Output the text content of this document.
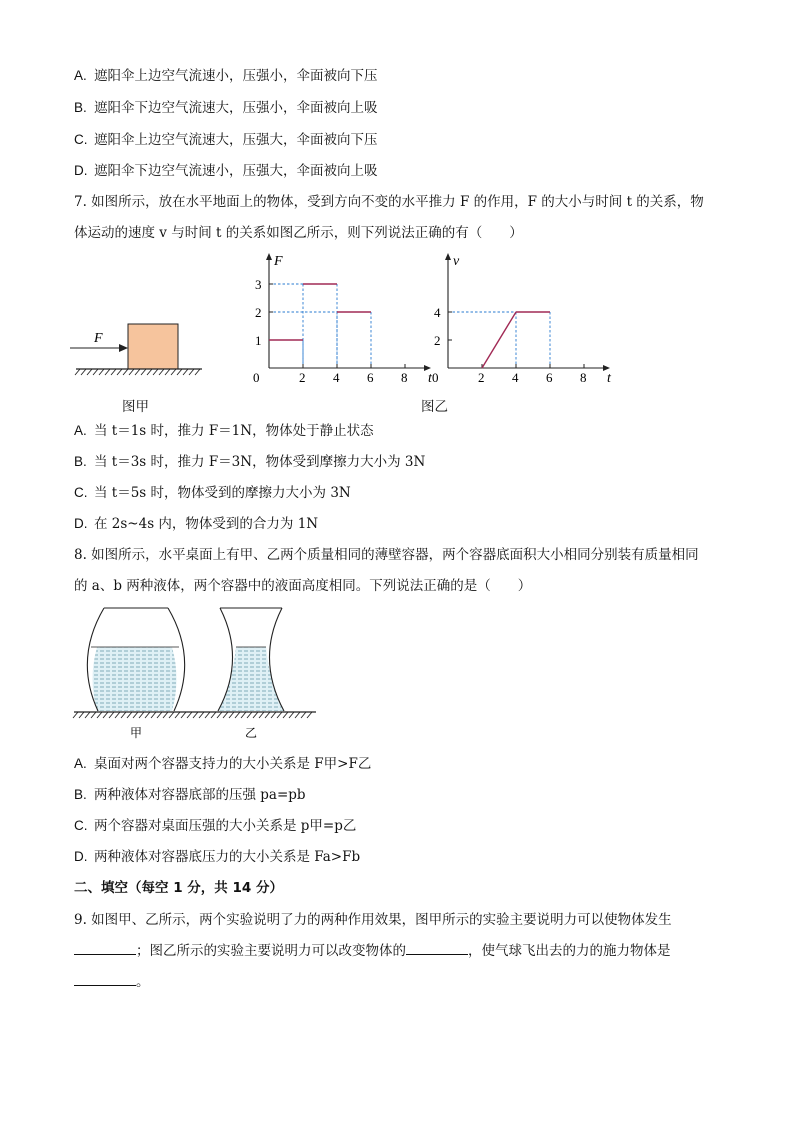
A. 遮阳伞上边空气流速小，压强小，伞面被向下压
B. 遮阳伞下边空气流速大，压强小，伞面被向上吸
C. 遮阳伞上边空气流速大，压强大，伞面被向下压
D. 遮阳伞下边空气流速小，压强大，伞面被向上吸
7. 如图所示，放在水平地面上的物体，受到方向不变的水平推力 F 的作用，F 的大小与时间 t 的关系，物
体运动的速度 v 与时间 t 的关系如图乙所示，则下列说法正确的有（　　）
F
F
t
0	2 4 6 8
1
2
3
v
t
0	2 4 6 8
2
4
图甲	图乙
A. 当 t＝1s 时，推力 F＝1N，物体处于静止状态
B. 当 t＝3s 时，推力 F＝3N，物体受到摩擦力大小为 3N
C. 当 t＝5s 时，物体受到的摩擦力大小为 3N
D. 在 2s~4s 内，物体受到的合力为 1N
8. 如图所示，水平桌面上有甲、乙两个质量相同的薄壁容器，两个容器底面积大小相同分别装有质量相同
的 a、b 两种液体，两个容器中的液面高度相同。下列说法正确的是（　　）
甲	乙
A. 桌面对两个容器支持力的大小关系是 F甲>F乙
B. 两种液体对容器底部的压强 pa=pb
C. 两个容器对桌面压强的大小关系是 p甲=p乙
D. 两种液体对容器底压力的大小关系是 Fa>Fb
二、填空（每空 1 分，共 14 分）
9. 如图甲、乙所示，两个实验说明了力的两种作用效果，图甲所示的实验主要说明力可以使物体发生
；图乙所示的实验主要说明力可以改变物体的	，使气球飞出去的力的施力物体是
。
